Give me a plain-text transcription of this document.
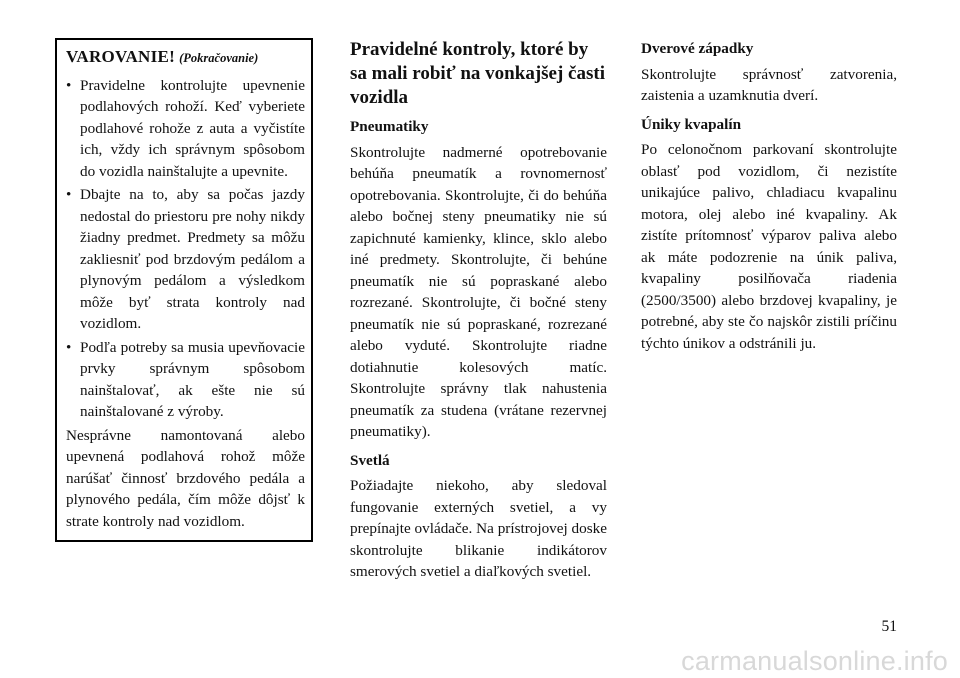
VAROVANIE! (Pokračovanie)
• Pravidelne kontrolujte upevnenie podlahových rohoží. Keď vyberiete podlahové rohože z auta a vyčistíte ich, vždy ich správnym spôsobom do vozidla nainštalujte a upevnite.
• Dbajte na to, aby sa počas jazdy nedostal do priestoru pre nohy nikdy žiadny predmet. Predmety sa môžu zakliesniť pod brzdovým pedálom a plynovým pedálom a výsledkom môže byť strata kontroly nad vozidlom.
• Podľa potreby sa musia upevňovacie prvky správnym spôsobom nainštalovať, ak ešte nie sú nainštalované z výroby.

Nesprávne namontovaná alebo upevnená podlahová rohož môže narúšať činnosť brzdového pedála a plynového pedála, čím môže dôjsť k strate kontroly nad vozidlom.

Pravidelné kontroly, ktoré by sa mali robiť na vonkajšej časti vozidla
Pneumatiky

Skontrolujte nadmerné opotrebovanie behúňa pneumatík a rovnomernosť opotrebovania. Skontrolujte, či do behúňa alebo bočnej steny pneumatiky nie sú zapichnuté kamienky, klince, sklo alebo iné predmety. Skontrolujte, či behúne pneumatík nie sú popraskané alebo rozrezané. Skontrolujte, či bočné steny pneumatík nie sú popraskané, rozrezané alebo vyduté. Skontrolujte riadne dotiahnutie kolesových matíc. Skontrolujte správny tlak nahustenia pneumatík za studena (vrátane rezervnej pneumatiky).

Svetlá

Požiadajte niekoho, aby sledoval fungovanie externých svetiel, a vy prepínajte ovládače. Na prístrojovej doske skontrolujte blikanie indikátorov smerových svetiel a diaľkových svetiel.

Dverové západky

Skontrolujte správnosť zatvorenia, zaistenia a uzamknutia dverí.

Úniky kvapalín

Po celonočnom parkovaní skontrolujte oblasť pod vozidlom, či nezistíte unikajúce palivo, chladiacu kvapalinu motora, olej alebo iné kvapaliny. Ak zistíte prítomnosť výparov paliva alebo ak máte podozrenie na únik paliva, kvapaliny posilňovača riadenia (2500/3500) alebo brzdovej kvapaliny, je potrebné, aby ste čo najskôr zistili príčinu týchto únikov a odstránili ju.

51
carmanualsonline.info
